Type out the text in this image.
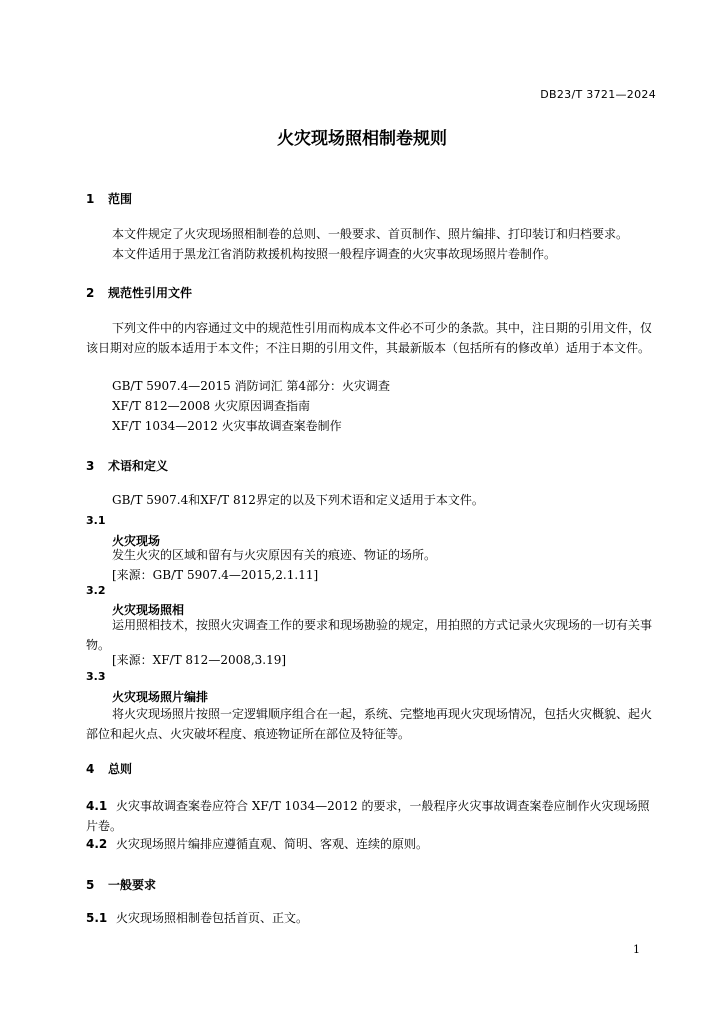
DB23/T 3721—2024
火灾现场照相制卷规则
1 范围
本文件规定了火灾现场照相制卷的总则、一般要求、首页制作、照片编排、打印装订和归档要求。
本文件适用于黑龙江省消防救援机构按照一般程序调查的火灾事故现场照片卷制作。
2 规范性引用文件
下列文件中的内容通过文中的规范性引用而构成本文件必不可少的条款。其中，注日期的引用文件，仅该日期对应的版本适用于本文件；不注日期的引用文件，其最新版本（包括所有的修改单）适用于本文件。
GB/T 5907.4—2015 消防词汇 第4部分：火灾调查
XF/T 812—2008 火灾原因调查指南
XF/T 1034—2012 火灾事故调查案卷制作
3 术语和定义
GB/T 5907.4和XF/T 812界定的以及下列术语和定义适用于本文件。
3.1
火灾现场
发生火灾的区域和留有与火灾原因有关的痕迹、物证的场所。
[来源：GB/T 5907.4—2015,2.1.11]
3.2
火灾现场照相
运用照相技术，按照火灾调查工作的要求和现场勘验的规定，用拍照的方式记录火灾现场的一切有关事物。
[来源：XF/T 812—2008,3.19]
3.3
火灾现场照片编排
将火灾现场照片按照一定逻辑顺序组合在一起，系统、完整地再现火灾现场情况，包括火灾概貌、起火部位和起火点、火灾破坏程度、痕迹物证所在部位及特征等。
4 总则
4.1 火灾事故调查案卷应符合 XF/T 1034—2012 的要求，一般程序火灾事故调查案卷应制作火灾现场照片卷。
4.2 火灾现场照片编排应遵循直观、简明、客观、连续的原则。
5 一般要求
5.1 火灾现场照相制卷包括首页、正文。
1
